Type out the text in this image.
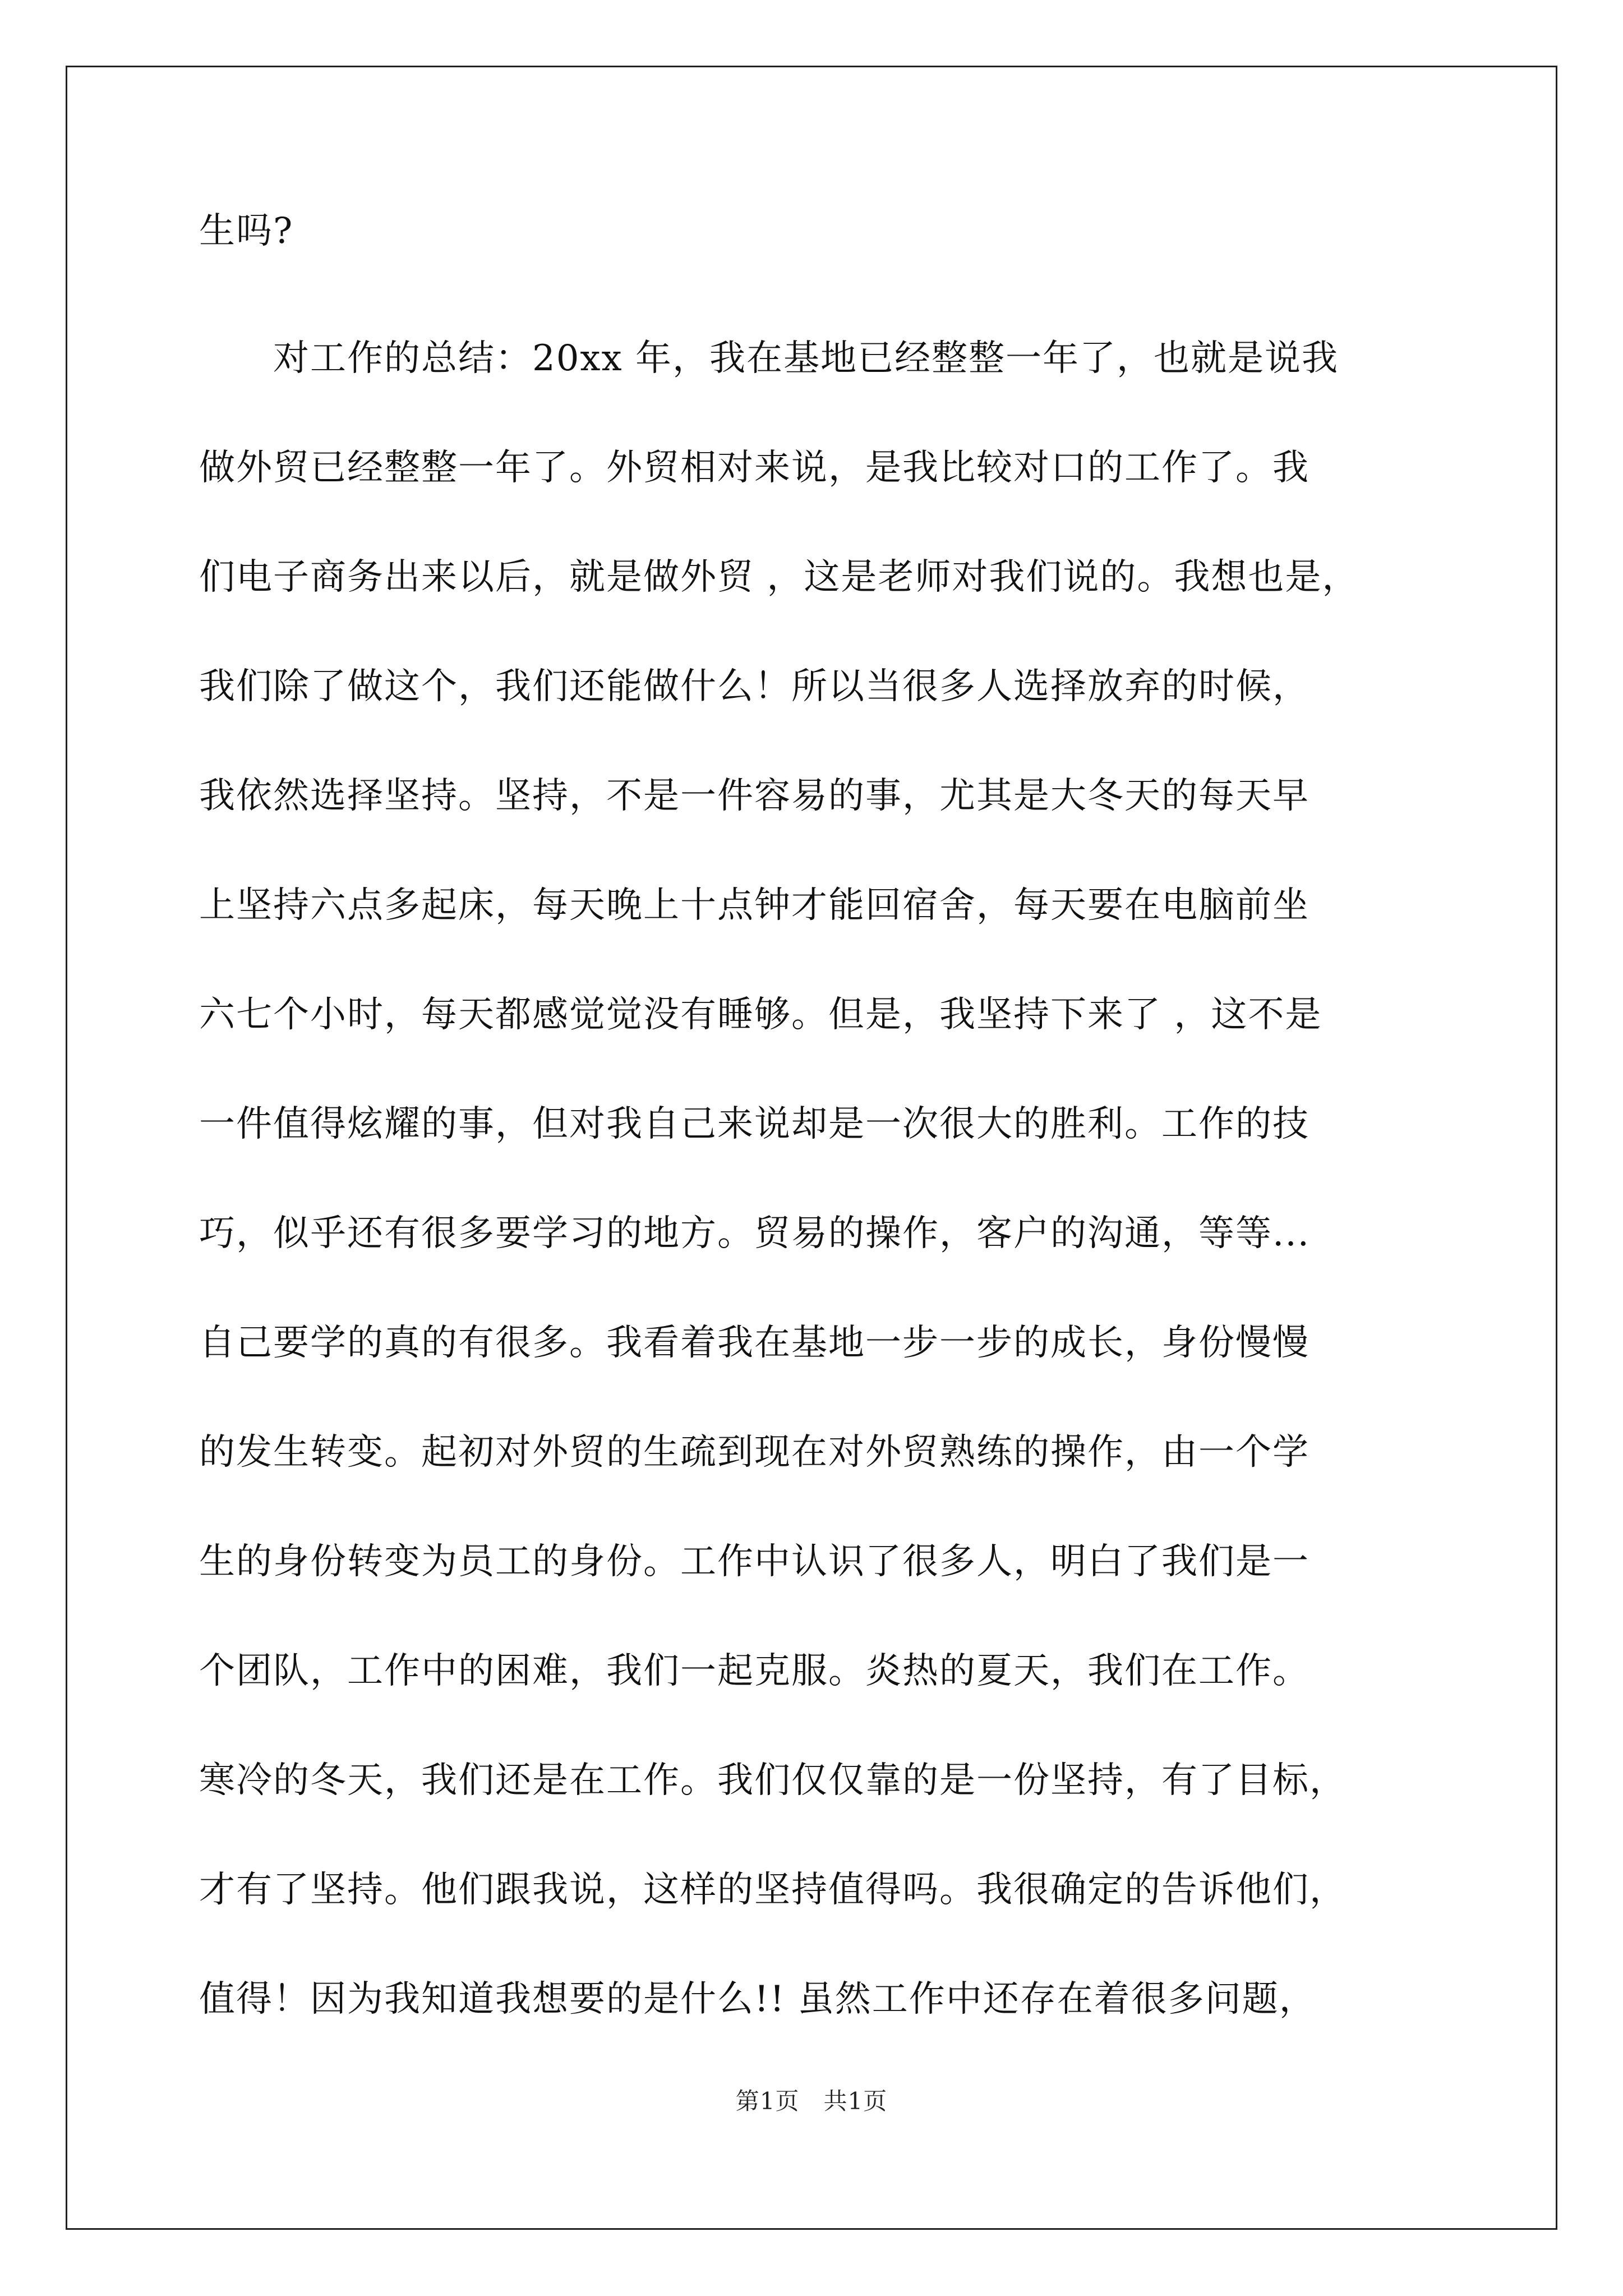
生吗?
　　对工作的总结：20xx 年，我在基地已经整整一年了，也就是说我
做外贸已经整整一年了。外贸相对来说，是我比较对口的工作了。我
们电子商务出来以后，就是做外贸 ，这是老师对我们说的。我想也是，
我们除了做这个，我们还能做什么！所以当很多人选择放弃的时候，
我依然选择坚持。坚持，不是一件容易的事，尤其是大冬天的每天早
上坚持六点多起床，每天晚上十点钟才能回宿舍，每天要在电脑前坐
六七个小时，每天都感觉觉没有睡够。但是，我坚持下来了 ，这不是
一件值得炫耀的事，但对我自己来说却是一次很大的胜利。工作的技
巧，似乎还有很多要学习的地方。贸易的操作，客户的沟通，等等...
自己要学的真的有很多。我看着我在基地一步一步的成长，身份慢慢
的发生转变。起初对外贸的生疏到现在对外贸熟练的操作，由一个学
生的身份转变为员工的身份。工作中认识了很多人，明白了我们是一
个团队，工作中的困难，我们一起克服。炎热的夏天，我们在工作。
寒冷的冬天，我们还是在工作。我们仅仅靠的是一份坚持，有了目标，
才有了坚持。他们跟我说，这样的坚持值得吗。我很确定的告诉他们，
值得！因为我知道我想要的是什么!! 虽然工作中还存在着很多问题，
第1页　共1页
